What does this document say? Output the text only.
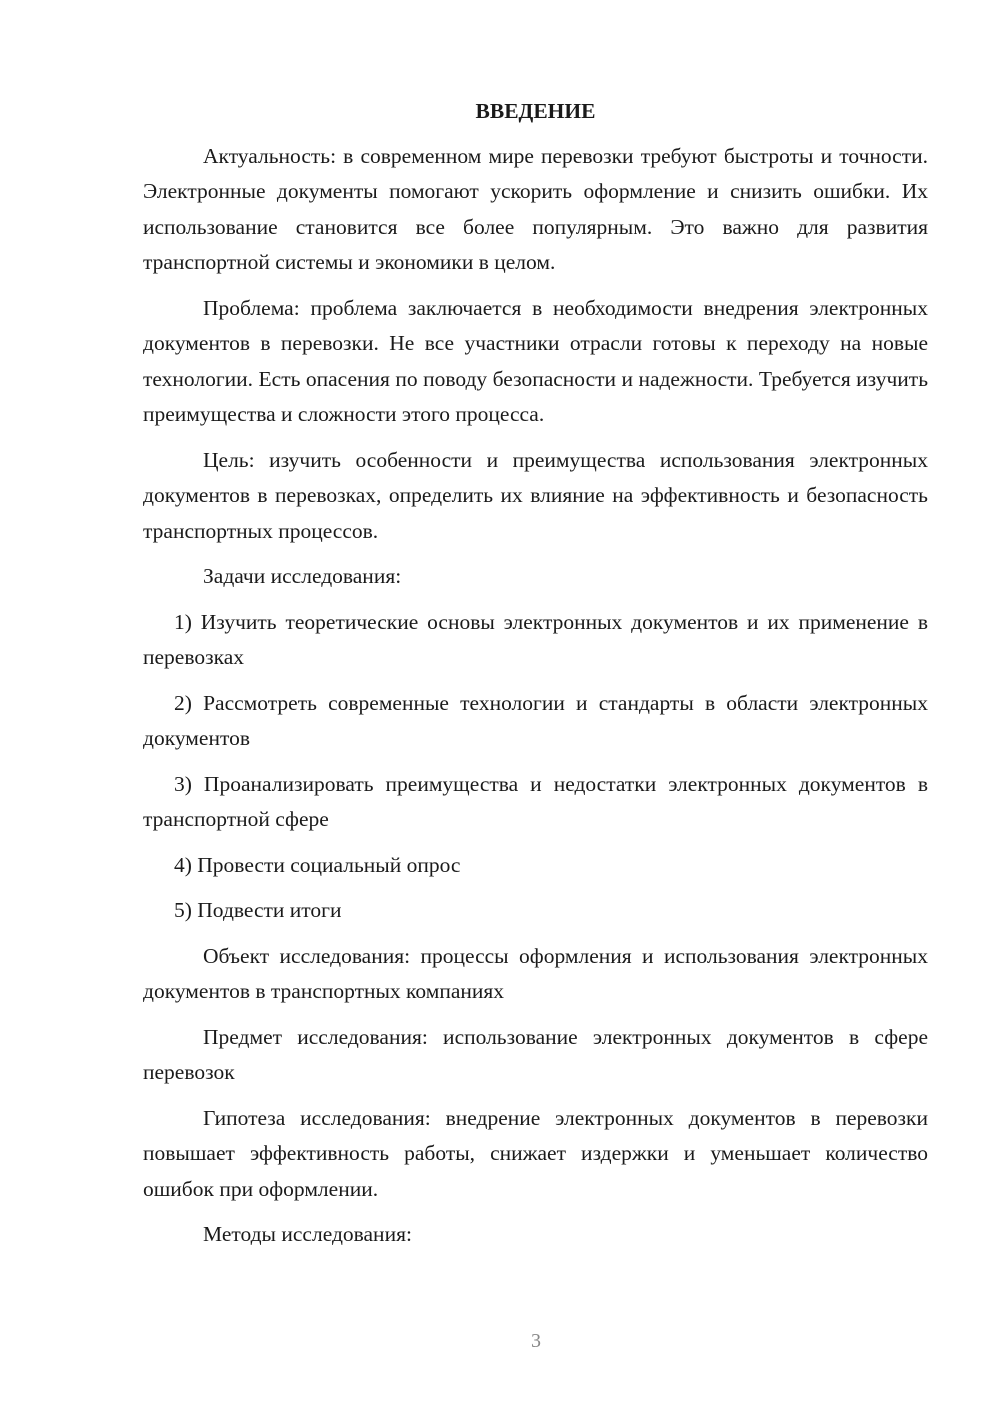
ВВЕДЕНИЕ

Актуальность: в современном мире перевозки требуют быстроты и точности. Электронные документы помогают ускорить оформление и снизить ошибки. Их использование становится все более популярным. Это важно для развития транспортной системы и экономики в целом.

Проблема: проблема заключается в необходимости внедрения электронных документов в перевозки. Не все участники отрасли готовы к переходу на новые технологии. Есть опасения по поводу безопасности и надежности. Требуется изучить преимущества и сложности этого процесса.

Цель: изучить особенности и преимущества использования электронных документов в перевозках, определить их влияние на эффективность и безопасность транспортных процессов.

Задачи исследования:

1) Изучить теоретические основы электронных документов и их применение в перевозках

2) Рассмотреть современные технологии и стандарты в области электронных документов

3) Проанализировать преимущества и недостатки электронных документов в транспортной сфере

4) Провести социальный опрос

5) Подвести итоги

Объект исследования: процессы оформления и использования электронных документов в транспортных компаниях

Предмет исследования: использование электронных документов в сфере перевозок

Гипотеза исследования: внедрение электронных документов в перевозки повышает эффективность работы, снижает издержки и уменьшает количество ошибок при оформлении.

Методы исследования:

3
